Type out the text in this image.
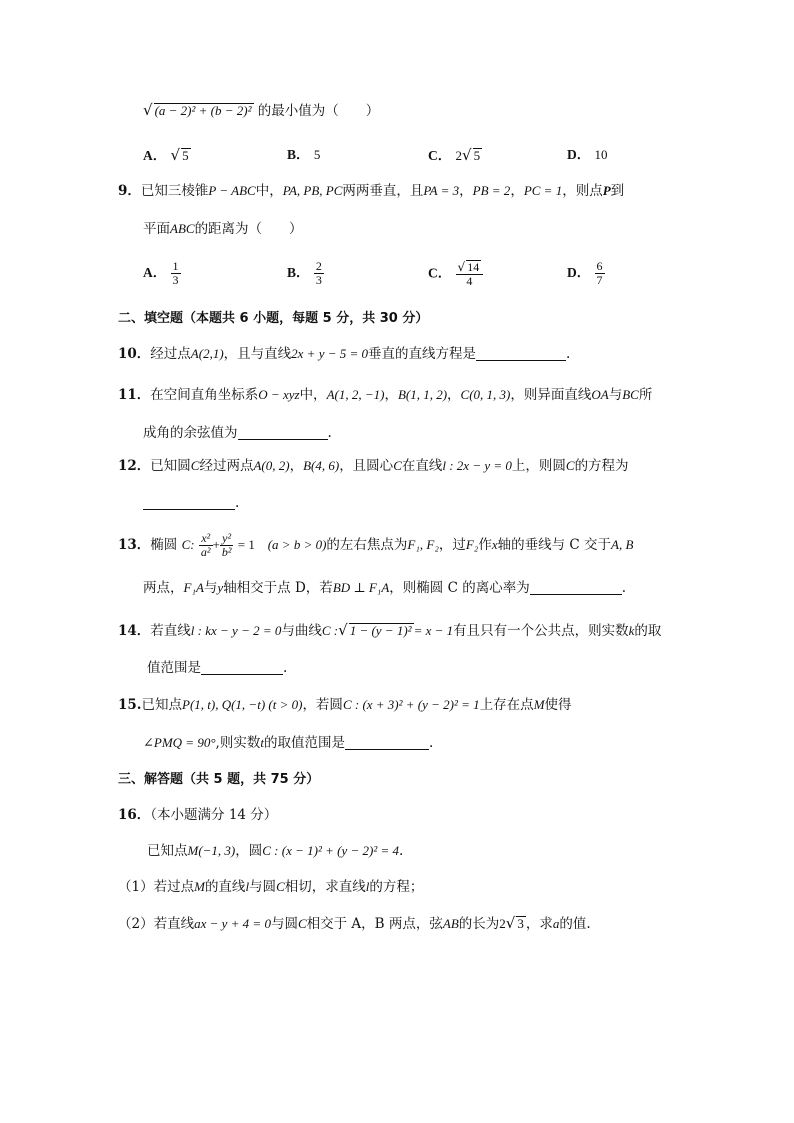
√ (a − 2)² + (b − 2)² 的最小值为（　　）
A． √ 5	B． 5	C． 2√ 5	D． 10
9．已知三棱锥P − ABC中，PA, PB, PC两两垂直，且PA = 3，PB = 2，PC = 1，则点P到
平面ABC的距离为（　　）
A． $\frac{1}{3}$	B． $\frac{2}{3}$	C． $\frac{√ 14}{4}$	D． $\frac{6}{7}$
二、填空题（本题共 6 小题，每题 5 分，共 30 分）
10．经过点A(2,1)，且与直线2x + y − 5 = 0垂直的直线方程是	.
11．在空间直角坐标系O − xyz中，A(1, 2, −1)，B(1, 1, 2)，C(0, 1, 3)，则异面直线OA与BC所
成角的余弦值为	.
12．已知圆C经过两点A(0, 2)，B(4, 6)，且圆心C在直线l : 2x − y = 0上，则圆C的方程为
.
13．椭圆 C: $\frac{\text{x²}}{\text{a²}} + \frac{\text{y²}}{\text{b²}} = 1$ (a > b > 0)的左右焦点为F₁, F₂，过F₂作x轴的垂线与 C 交于A, B
两点，F₁A与y轴相交于点 D，若BD ⊥ F₁A，则椭圆 C 的离心率为	.
14．若直线l : kx − y − 2 = 0与曲线C :√ 1 − (y − 1)² = x − 1有且只有一个公共点，则实数k的取
值范围是	.
15.已知点P(1, t), Q(1, −t) (t > 0)，若圆C : (x + 3)² + (y − 2)² = 1上存在点M使得
∠PMQ = 90°,则实数t的取值范围是	.
三、解答题（共 5 题，共 75 分）
16．（本小题满分 14 分）
已知点M(−1, 3)，圆C : (x − 1)² + (y − 2)² = 4.
（1）若过点M的直线l与圆C相切，求直线l的方程；
（2）若直线ax − y + 4 = 0与圆C相交于 A，B 两点，弦AB的长为2√ 3 ，求a的值.
